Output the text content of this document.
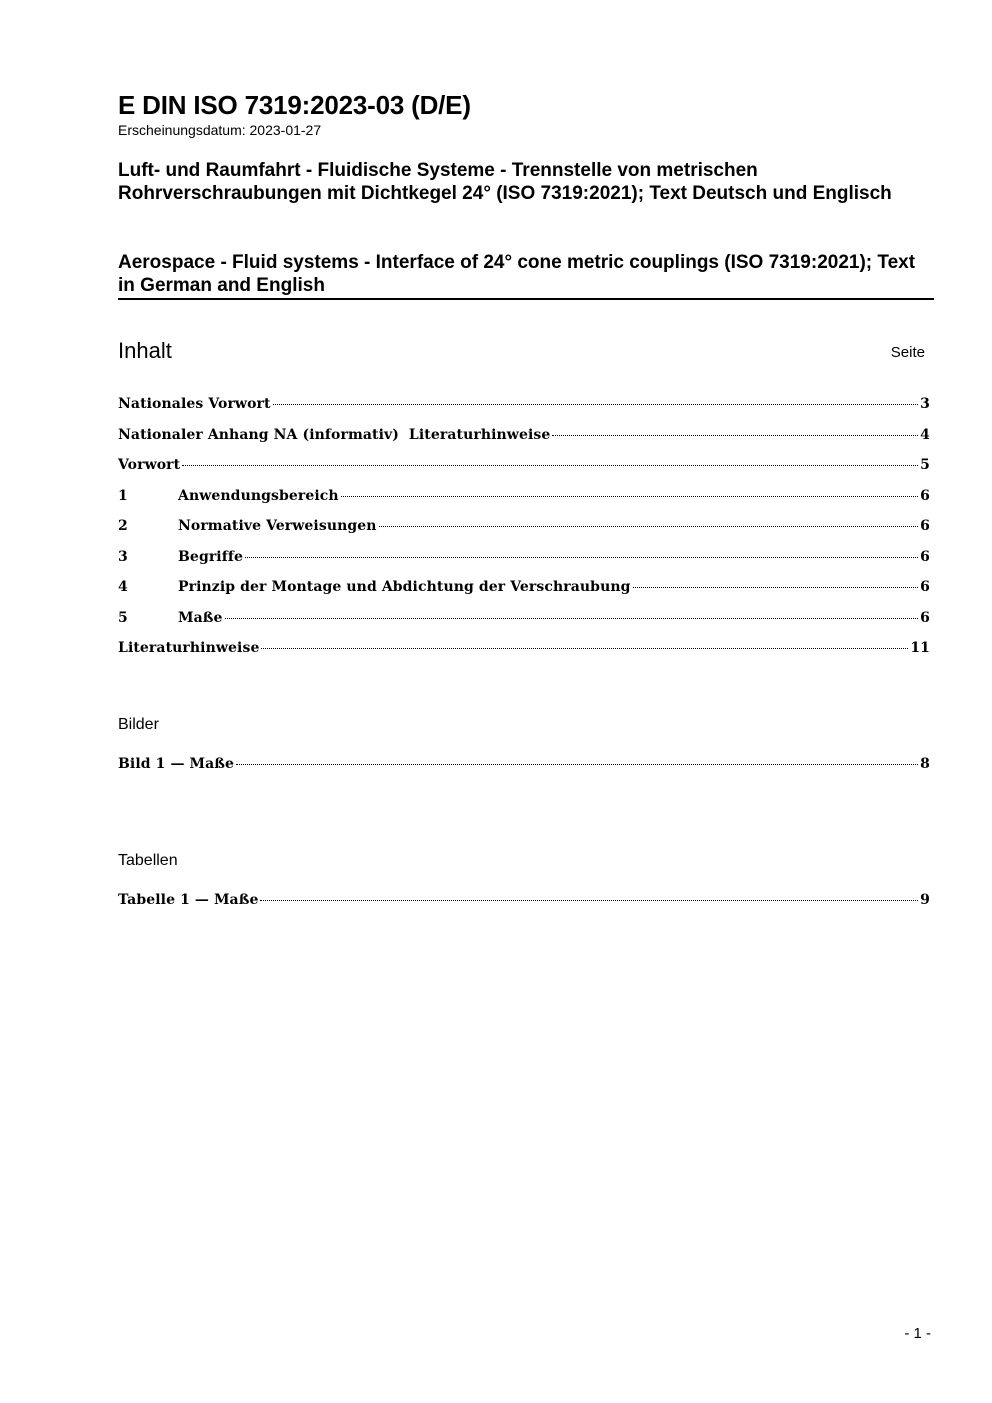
E DIN ISO 7319:2023-03 (D/E)
Erscheinungsdatum: 2023-01-27
Luft- und Raumfahrt - Fluidische Systeme - Trennstelle von metrischen Rohrverschraubungen mit Dichtkegel 24° (ISO 7319:2021); Text Deutsch und Englisch
Aerospace - Fluid systems - Interface of 24° cone metric couplings (ISO 7319:2021); Text in German and English
Inhalt	Seite
Nationales Vorwort	3
Nationaler Anhang NA (informativ)  Literaturhinweise	4
Vorwort	5
1	Anwendungsbereich	6
2	Normative Verweisungen	6
3	Begriffe	6
4	Prinzip der Montage und Abdichtung der Verschraubung	6
5	Maße	6
Literaturhinweise	11
Bilder
Bild 1 — Maße	8
Tabellen
Tabelle 1 — Maße	9
- 1 -
